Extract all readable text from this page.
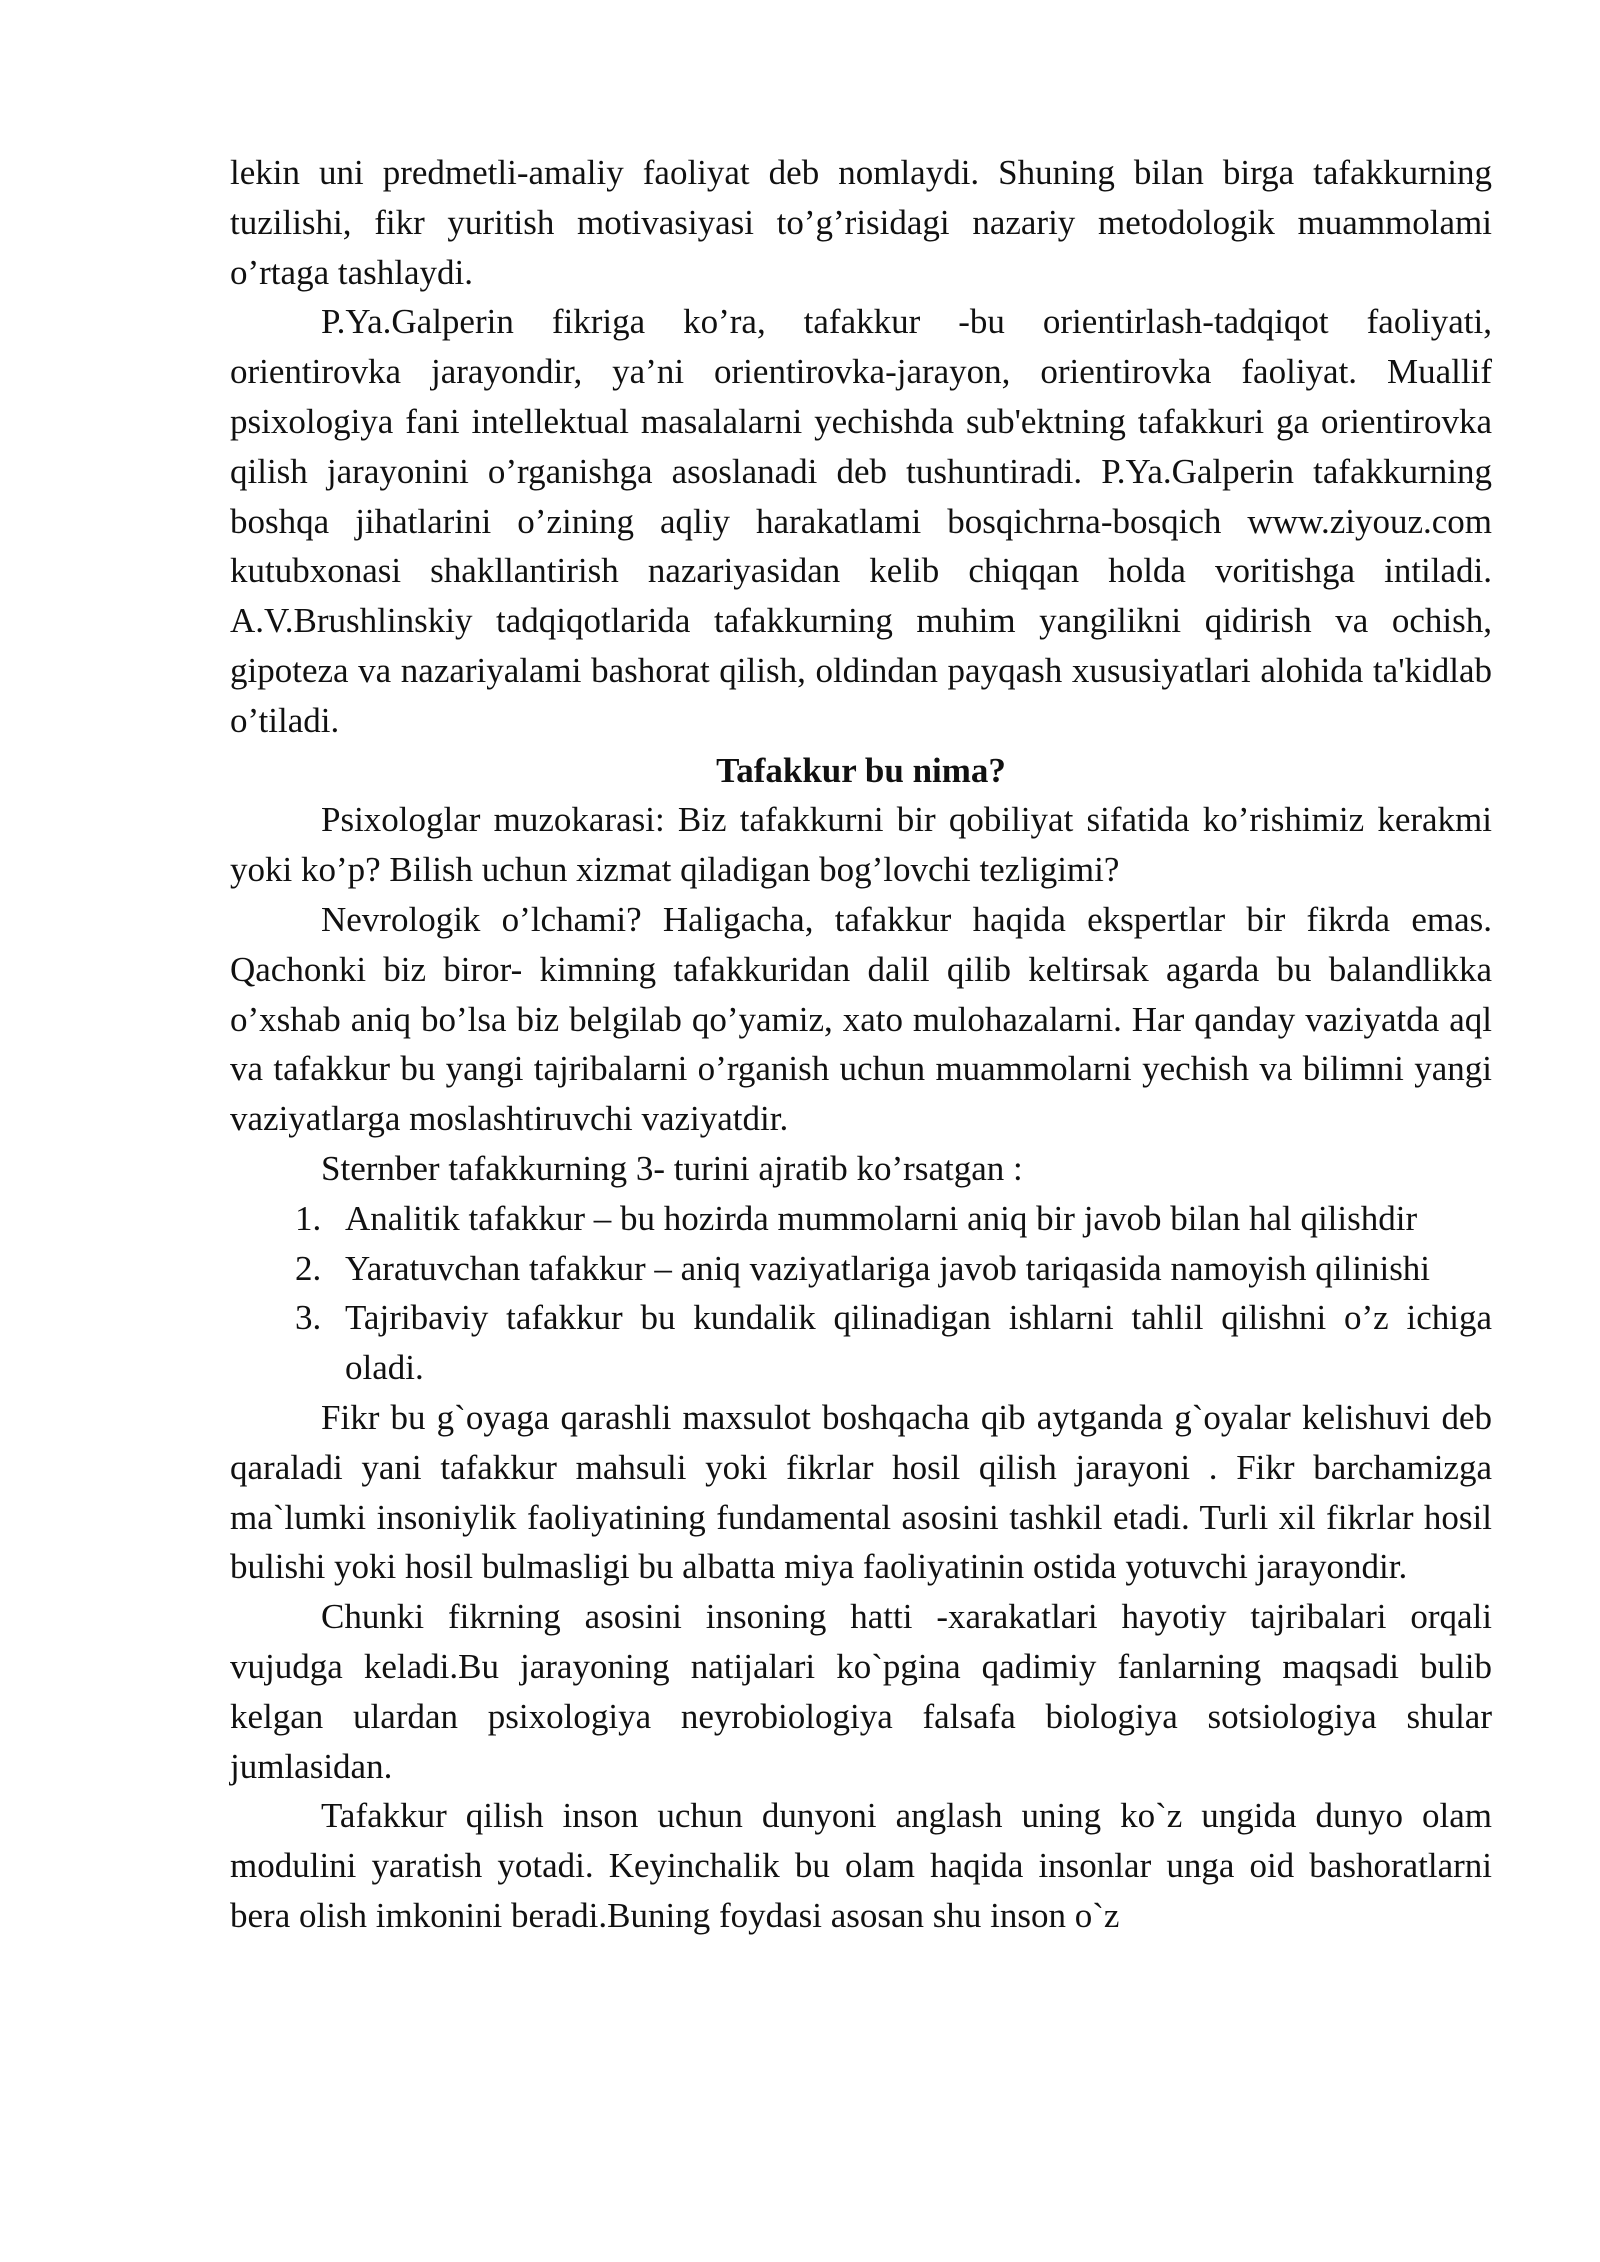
lekin uni predmetli-amaliy faoliyat deb nomlaydi. Shuning bilan birga tafakkurning tuzilishi, fikr yuritish motivasiyasi to’g’risidagi nazariy metodologik muammolami o’rtaga tashlaydi.

P.Ya.Galperin fikriga ko’ra, tafakkur -bu orientirlash-tadqiqot faoliyati, orientirovka jarayondir, ya’ni orientirovka-jarayon, orientirovka faoliyat. Muallif psixologiya fani intellektual masalalarni yechishda sub'ektning tafakkuri ga orientirovka qilish jarayonini o’rganishga asoslanadi deb tushuntiradi. P.Ya.Galperin tafakkurning boshqa jihatlarini o’zining aqliy harakatlami bosqichrna-bosqich www.ziyouz.com kutubxonasi shakllantirish nazariyasidan kelib chiqqan holda voritishga intiladi. A.V.Brushlinskiy tadqiqotlarida tafakkurning muhim yangilikni qidirish va ochish, gipoteza va nazariyalami bashorat qilish, oldindan payqash xususiyatlari alohida ta'kidlab o’tiladi.

Tafakkur bu nima?

Psixologlar muzokarasi: Biz tafakkurni bir qobiliyat sifatida ko’rishimiz kerakmi yoki ko’p? Bilish uchun xizmat qiladigan bog’lovchi tezligimi?

Nevrologik o’lchami? Haligacha, tafakkur haqida ekspertlar bir fikrda emas. Qachonki biz biror- kimning tafakkuridan dalil qilib keltirsak agarda bu balandlikka o’xshab aniq bo’lsa biz belgilab qo’yamiz, xato mulohazalarni. Har qanday vaziyatda aql va tafakkur bu yangi tajribalarni o’rganish uchun muammolarni yechish va bilimni yangi vaziyatlarga moslashtiruvchi vaziyatdir.

Sternber tafakkurning 3- turini ajratib ko’rsatgan :

1. Analitik tafakkur – bu hozirda mummolarni aniq bir javob bilan hal qilishdir
2. Yaratuvchan tafakkur – aniq vaziyatlariga javob tariqasida namoyish qilinishi
3. Tajribaviy tafakkur bu kundalik qilinadigan ishlarni tahlil qilishni o’z ichiga oladi.

Fikr bu g`oyaga qarashli maxsulot boshqacha qib aytganda g`oyalar kelishuvi deb qaraladi yani tafakkur mahsuli yoki fikrlar hosil qilish jarayoni . Fikr barchamizga ma`lumki insoniylik faoliyatining fundamental asosini tashkil etadi. Turli xil fikrlar hosil bulishi yoki hosil bulmasligi bu albatta miya faoliyatinin ostida yotuvchi jarayondir.

Chunki fikrning asosini insoning hatti -xarakatlari hayotiy tajribalari orqali vujudga keladi.Bu jarayoning natijalari ko`pgina qadimiy fanlarning maqsadi bulib kelgan ulardan psixologiya neyrobiologiya falsafa biologiya sotsiologiya shular jumlasidan.

Tafakkur qilish inson uchun dunyoni anglash uning ko`z ungida dunyo olam modulini yaratish yotadi. Keyinchalik bu olam haqida insonlar unga oid bashoratlarni bera olish imkonini beradi.Buning foydasi asosan shu inson o`z
